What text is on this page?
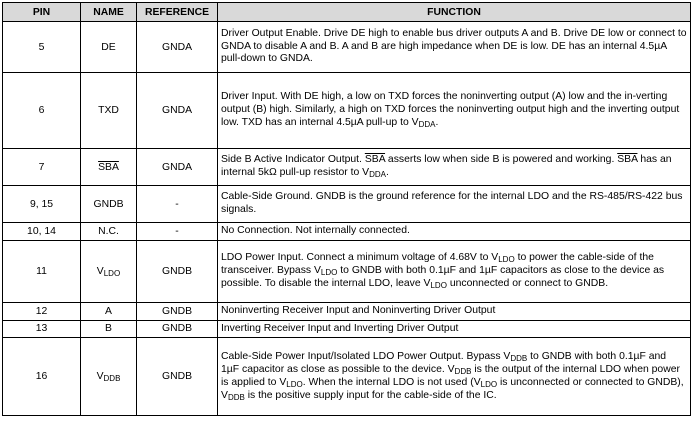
PIN	NAME	REFERENCE	FUNCTION
5	DE	GNDA	Driver Output Enable. Drive DE high to enable bus driver outputs A and B. Drive DE low or connect to GNDA to disable A and B. A and B are high impedance when DE is low. DE has an internal 4.5µA pull-down to GNDA.
6	TXD	GNDA	Driver Input. With DE high, a low on TXD forces the noninverting output (A) low and the in-verting output (B) high. Similarly, a high on TXD forces the noninverting output high and the inverting output low. TXD has an internal 4.5µA pull-up to $V_{DDA}$.
7	$\overline{SBA}$	GNDA	Side B Active Indicator Output. $\overline{SBA}$ asserts low when side B is powered and working. $\overline{SBA}$ has an internal 5kΩ pull-up resistor to $V_{DDA}$.
9, 15	GNDB	-	Cable-Side Ground. GNDB is the ground reference for the internal LDO and the RS-485/RS-422 bus signals.
10, 14	N.C.	-	No Connection. Not internally connected.
11	$V_{LDO}$	GNDB	LDO Power Input. Connect a minimum voltage of 4.68V to $V_{LDO}$ to power the cable-side of the transceiver. Bypass $V_{LDO}$ to GNDB with both 0.1µF and 1µF capacitors as close to the device as possible. To disable the internal LDO, leave $V_{LDO}$ unconnected or connect to GNDB.
12	A	GNDB	Noninverting Receiver Input and Noninverting Driver Output
13	B	GNDB	Inverting Receiver Input and Inverting Driver Output
16	$V_{DDB}$	GNDB	Cable-Side Power Input/Isolated LDO Power Output. Bypass $V_{DDB}$ to GNDB with both 0.1µF and 1µF capacitor as close as possible to the device. $V_{DDB}$ is the output of the internal LDO when power is applied to $V_{LDO}$. When the internal LDO is not used ($V_{LDO}$ is unconnected or connected to GNDB), $V_{DDB}$ is the positive supply input for the cable-side of the IC.
